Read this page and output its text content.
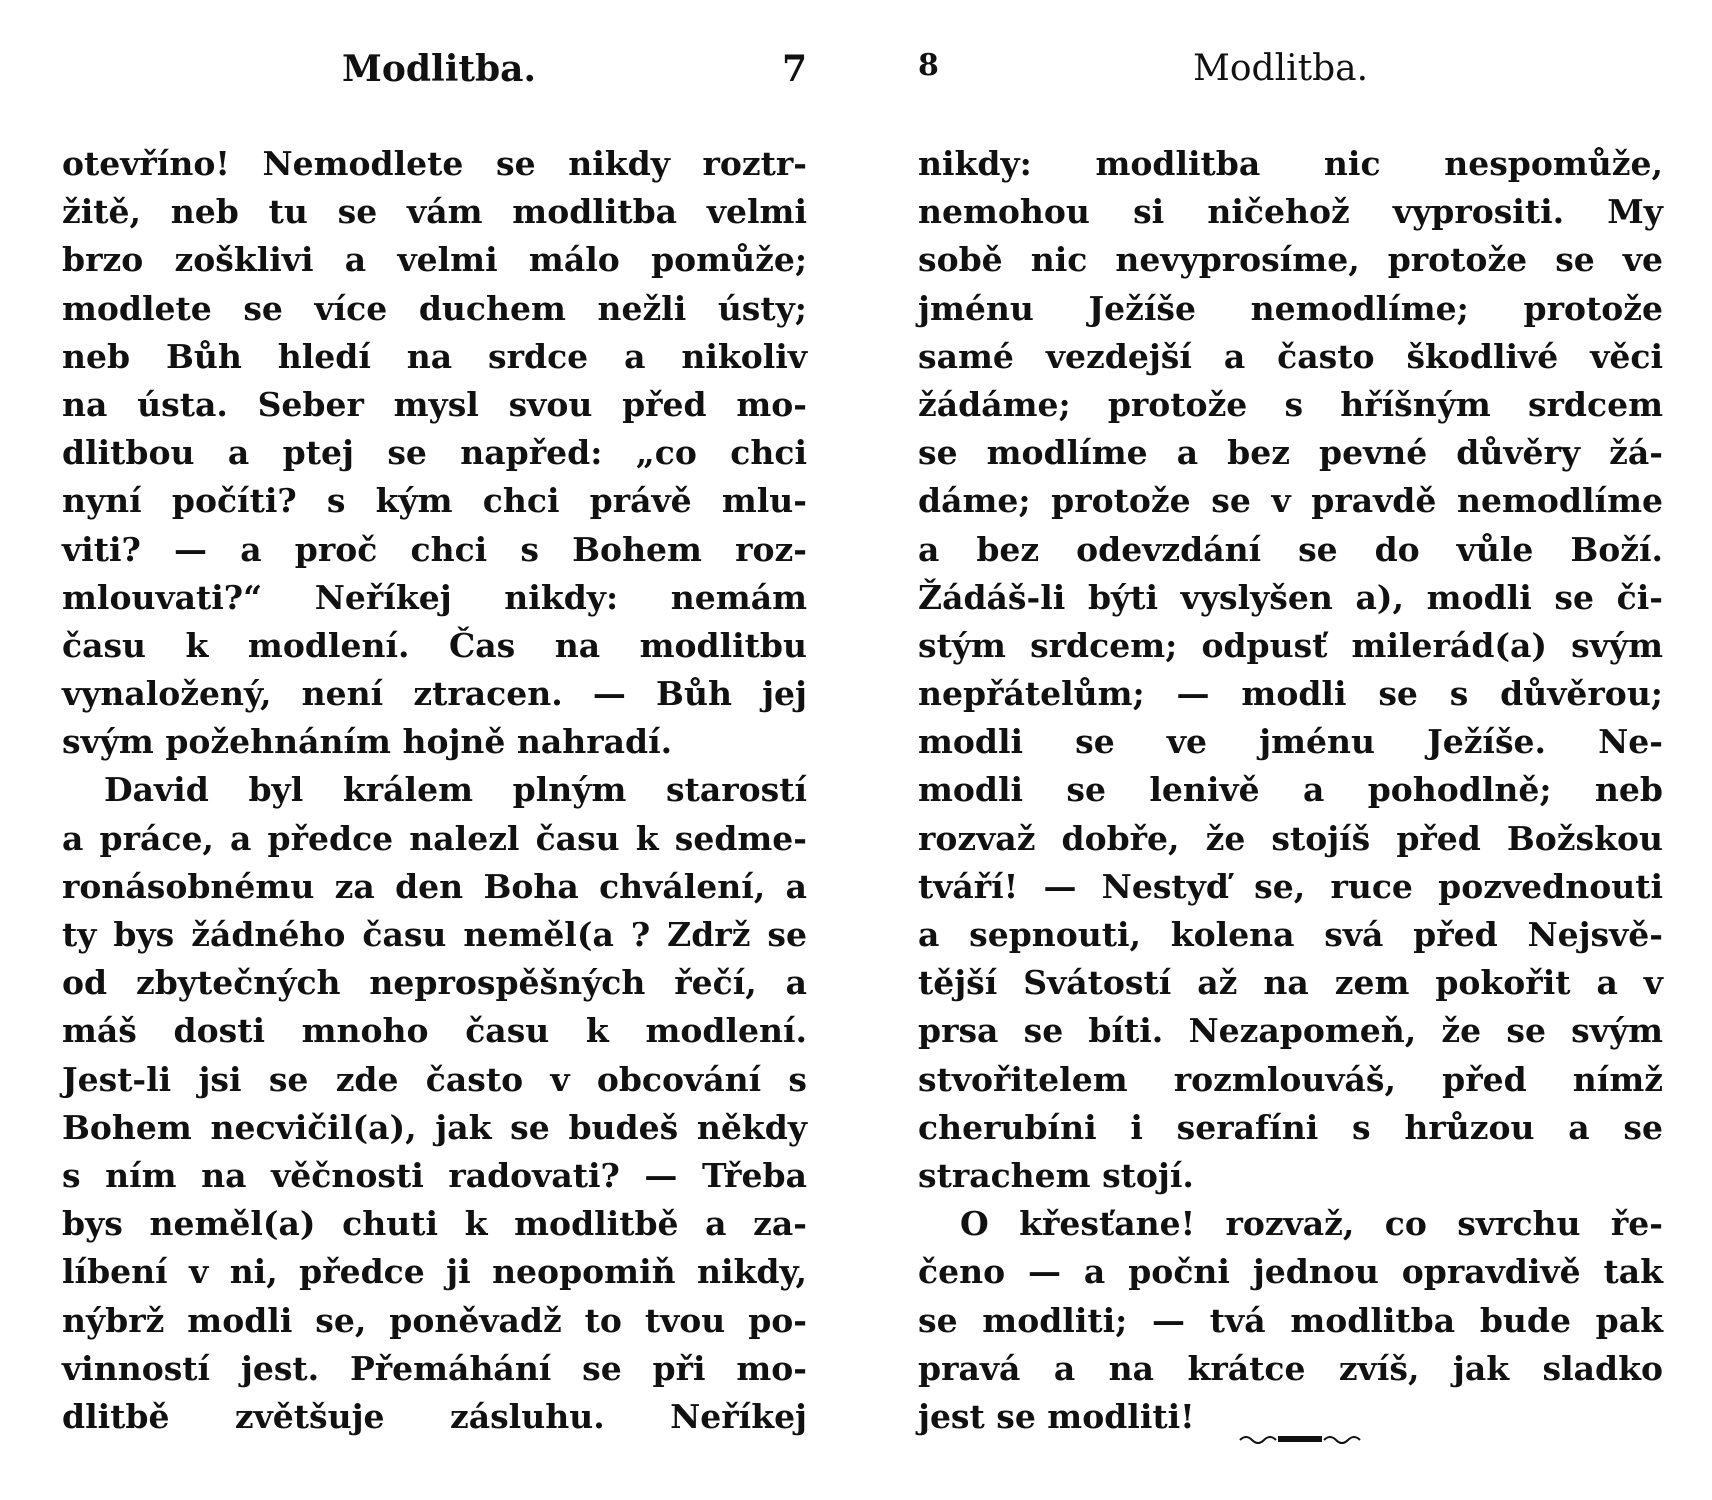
Modlitba.	7
otevříno! Nemodlete se nikdy roztr-
žitě, neb tu se vám modlitba velmi
brzo zošklivi a velmi málo pomůže;
modlete se více duchem nežli ústy;
neb Bůh hledí na srdce a nikoliv
na ústa. Seber mysl svou před mo-
dlitbou a ptej se napřed: „co chci
nyní počíti? s kým chci právě mlu-
viti? — a proč chci s Bohem roz-
mlouvati?“ Neříkej nikdy: nemám
času k modlení. Čas na modlitbu
vynaložený, není ztracen. — Bůh jej
svým požehnáním hojně nahradí.
David byl králem plným starostí
a práce, a předce nalezl času k sedme-
ronásobnému za den Boha chválení, a
ty bys žádného času neměl(a ? Zdrž se
od zbytečných neprospěšných řečí, a
máš dosti mnoho času k modlení.
Jest-li jsi se zde často v obcování s
Bohem necvičil(a), jak se budeš někdy
s ním na věčnosti radovati? — Třeba
bys neměl(a) chuti k modlitbě a za-
líbení v ni, předce ji neopomiň nikdy,
nýbrž modli se, poněvadž to tvou po-
vinností jest. Přemáhání se při mo-
dlitbě zvětšuje zásluhu. Neříkej
8	Modlitba.
nikdy: modlitba nic nespomůže,
nemohou si ničehož vyprositi. My
sobě nic nevyprosíme, protože se ve
jménu Ježíše nemodlíme; protože
samé vezdejší a často škodlivé věci
žádáme; protože s hříšným srdcem
se modlíme a bez pevné důvěry žá-
dáme; protože se v pravdě nemodlíme
a bez odevzdání se do vůle Boží.
Žádáš-li býti vyslyšen a), modli se či-
stým srdcem; odpusť milerád(a) svým
nepřátelům; — modli se s důvěrou;
modli se ve jménu Ježíše. Ne-
modli se lenivě a pohodlně; neb
rozvaž dobře, že stojíš před Božskou
tváří! — Nestyď se, ruce pozvednouti
a sepnouti, kolena svá před Nejsvě-
tější Svátostí až na zem pokořit a v
prsa se bíti. Nezapomeň, že se svým
stvořitelem rozmlouváš, před nímž
cherubíni i serafíni s hrůzou a se
strachem stojí.
O křesťane! rozvaž, co svrchu ře-
čeno — a počni jednou opravdivě tak
se modliti; — tvá modlitba bude pak
pravá a na krátce zvíš, jak sladko
jest se modliti!
